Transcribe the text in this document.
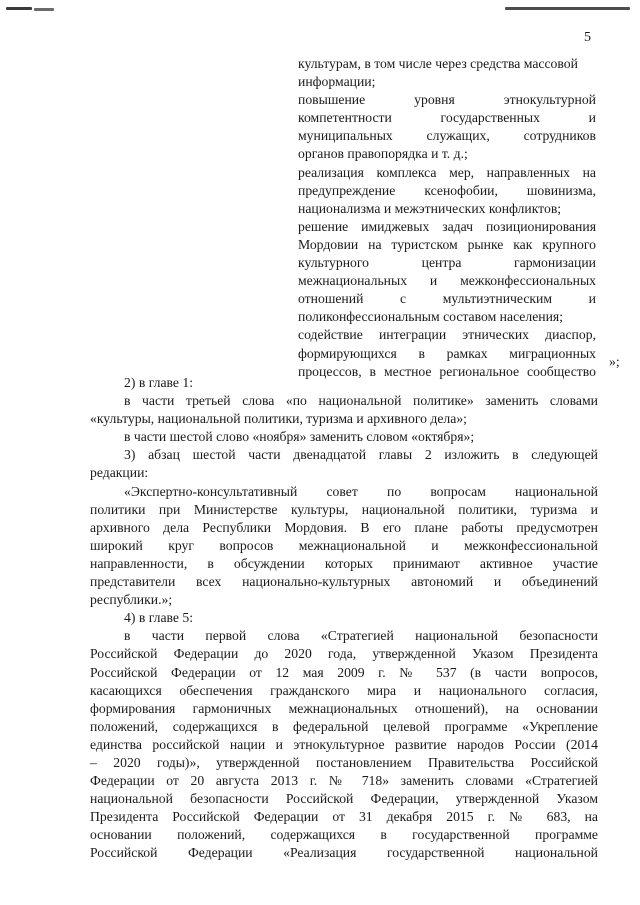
5
культурам, в том числе через средства массовой
информации;
повышение уровня этнокультурной
компетентности государственных и
муниципальных служащих, сотрудников
органов правопорядка и т. д.;
реализация комплекса мер, направленных на
предупреждение ксенофобии, шовинизма,
национализма и межэтнических конфликтов;
решение имиджевых задач позиционирования
Мордовии на туристском рынке как крупного
культурного центра гармонизации
межнациональных и межконфессиональных
отношений с мультиэтническим и
поликонфессиональным составом населения;
содействие интеграции этнических диаспор,
формирующихся в рамках миграционных
процессов, в местное региональное сообщество
»;
2) в главе 1:
в части третьей слова «по национальной политике» заменить словами
«культуры, национальной политики, туризма и архивного дела»;
в части шестой слово «ноября» заменить словом «октября»;
3) абзац шестой части двенадцатой главы 2 изложить в следующей
редакции:
«Экспертно-консультативный совет по вопросам национальной
политики при Министерстве культуры, национальной политики, туризма и
архивного дела Республики Мордовия. В его плане работы предусмотрен
широкий круг вопросов межнациональной и межконфессиональной
направленности, в обсуждении которых принимают активное участие
представители всех национально-культурных автономий и объединений
республики.»;
4) в главе 5:
в части первой слова «Стратегией национальной безопасности
Российской Федерации до 2020 года, утвержденной Указом Президента
Российской Федерации от 12 мая 2009 г. № 537 (в части вопросов,
касающихся обеспечения гражданского мира и национального согласия,
формирования гармоничных межнациональных отношений), на основании
положений, содержащихся в федеральной целевой программе «Укрепление
единства российской нации и этнокультурное развитие народов России (2014
– 2020 годы)», утвержденной постановлением Правительства Российской
Федерации от 20 августа 2013 г. № 718» заменить словами «Стратегией
национальной безопасности Российской Федерации, утвержденной Указом
Президента Российской Федерации от 31 декабря 2015 г. № 683, на
основании положений, содержащихся в государственной программе
Российской Федерации «Реализация государственной национальной
